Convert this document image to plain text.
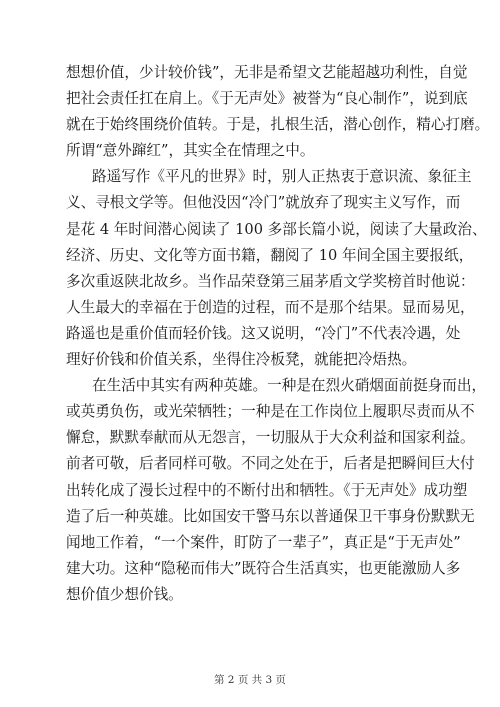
想想价值，少计较价钱”，无非是希望文艺能超越功利性，自觉
把社会责任扛在肩上。《于无声处》被誉为“良心制作”，说到底
就在于始终围绕价值转。于是，扎根生活，潜心创作，精心打磨。
所谓“意外蹿红”，其实全在情理之中。
路遥写作《平凡的世界》时，别人正热衷于意识流、象征主
义、寻根文学等。但他没因“冷门”就放弃了现实主义写作，而
是花 4 年时间潜心阅读了 100 多部长篇小说，阅读了大量政治、
经济、历史、文化等方面书籍，翻阅了 10 年间全国主要报纸，
多次重返陕北故乡。当作品荣登第三届茅盾文学奖榜首时他说：
人生最大的幸福在于创造的过程，而不是那个结果。显而易见，
路遥也是重价值而轻价钱。这又说明，“冷门”不代表冷遇，处
理好价钱和价值关系，坐得住冷板凳，就能把冷焐热。
在生活中其实有两种英雄。一种是在烈火硝烟面前挺身而出，
或英勇负伤，或光荣牺牲；一种是在工作岗位上履职尽责而从不
懈怠，默默奉献而从无怨言，一切服从于大众利益和国家利益。
前者可敬，后者同样可敬。不同之处在于，后者是把瞬间巨大付
出转化成了漫长过程中的不断付出和牺牲。《于无声处》成功塑
造了后一种英雄。比如国安干警马东以普通保卫干事身份默默无
闻地工作着，“一个案件，盯防了一辈子”，真正是“于无声处”
建大功。这种“隐秘而伟大”既符合生活真实，也更能激励人多
想价值少想价钱。
第 2 页 共 3 页
